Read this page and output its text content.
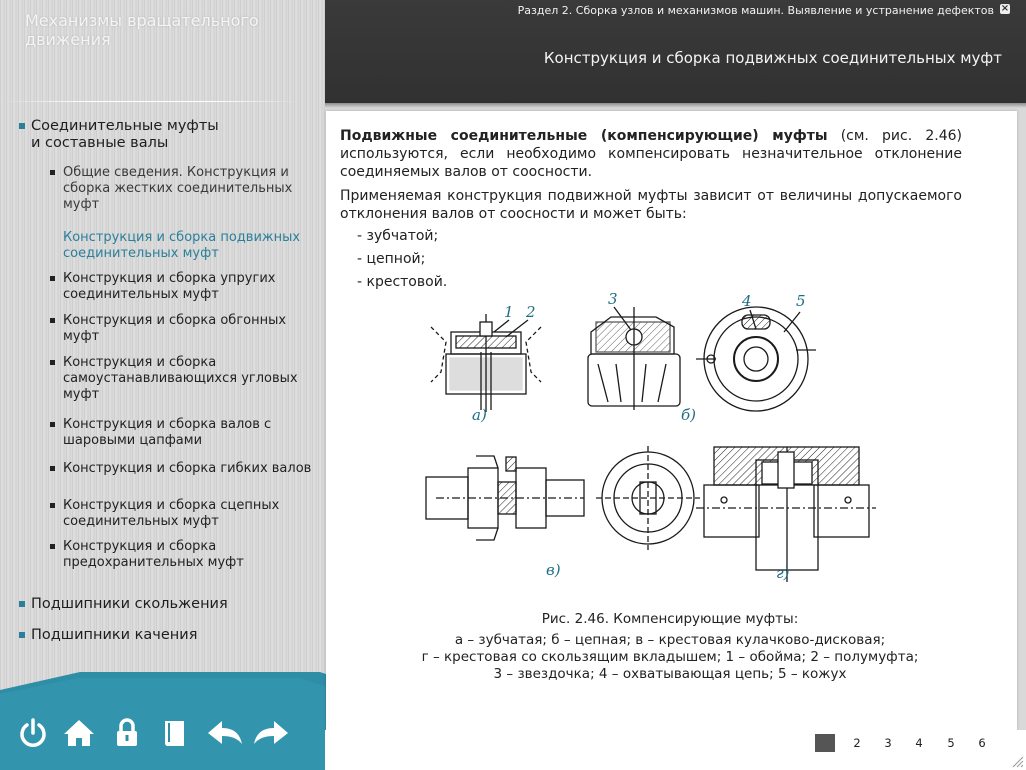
Механизмы вращательного движения
Соединительные муфты
и составные валы
Общие сведения. Конструкция и сборка жестких соединительных муфт
Конструкция и сборка подвижных соединительных муфт
Конструкция и сборка упругих соединительных муфт
Конструкция и сборка обгонных муфт
Конструкция и сборка самоустанавливающихся угловых муфт
Конструкция и сборка валов с шаровыми цапфами
Конструкция и сборка гибких валов
Конструкция и сборка сцепных соединительных муфт
Конструкция и сборка предохранительных муфт
Подшипники скольжения
Подшипники качения
Раздел 2. Сборка узлов и механизмов машин. Выявление и устранение дефектов ×
Конструкция и сборка подвижных соединительных муфт
Подвижные соединительные (компенсирующие) муфты (см. рис. 2.46) используются, если необходимо компенсировать незначительное отклонение соединяемых валов от соосности.
Применяемая конструкция подвижной муфты зависит от величины допускаемого отклонения валов от соосности и может быть:
- зубчатой;
- цепной;
- крестовой.
а)	б)
в)	г)
1 2
3	4	5
Рис. 2.46. Компенсирующие муфты:
а – зубчатая; б – цепная; в – крестовая кулачково-дисковая;
г – крестовая со скользящим вкладышем; 1 – обойма; 2 – полумуфта;
3 – звездочка; 4 – охватывающая цепь; 5 – кожух
2	3	4	5	6
